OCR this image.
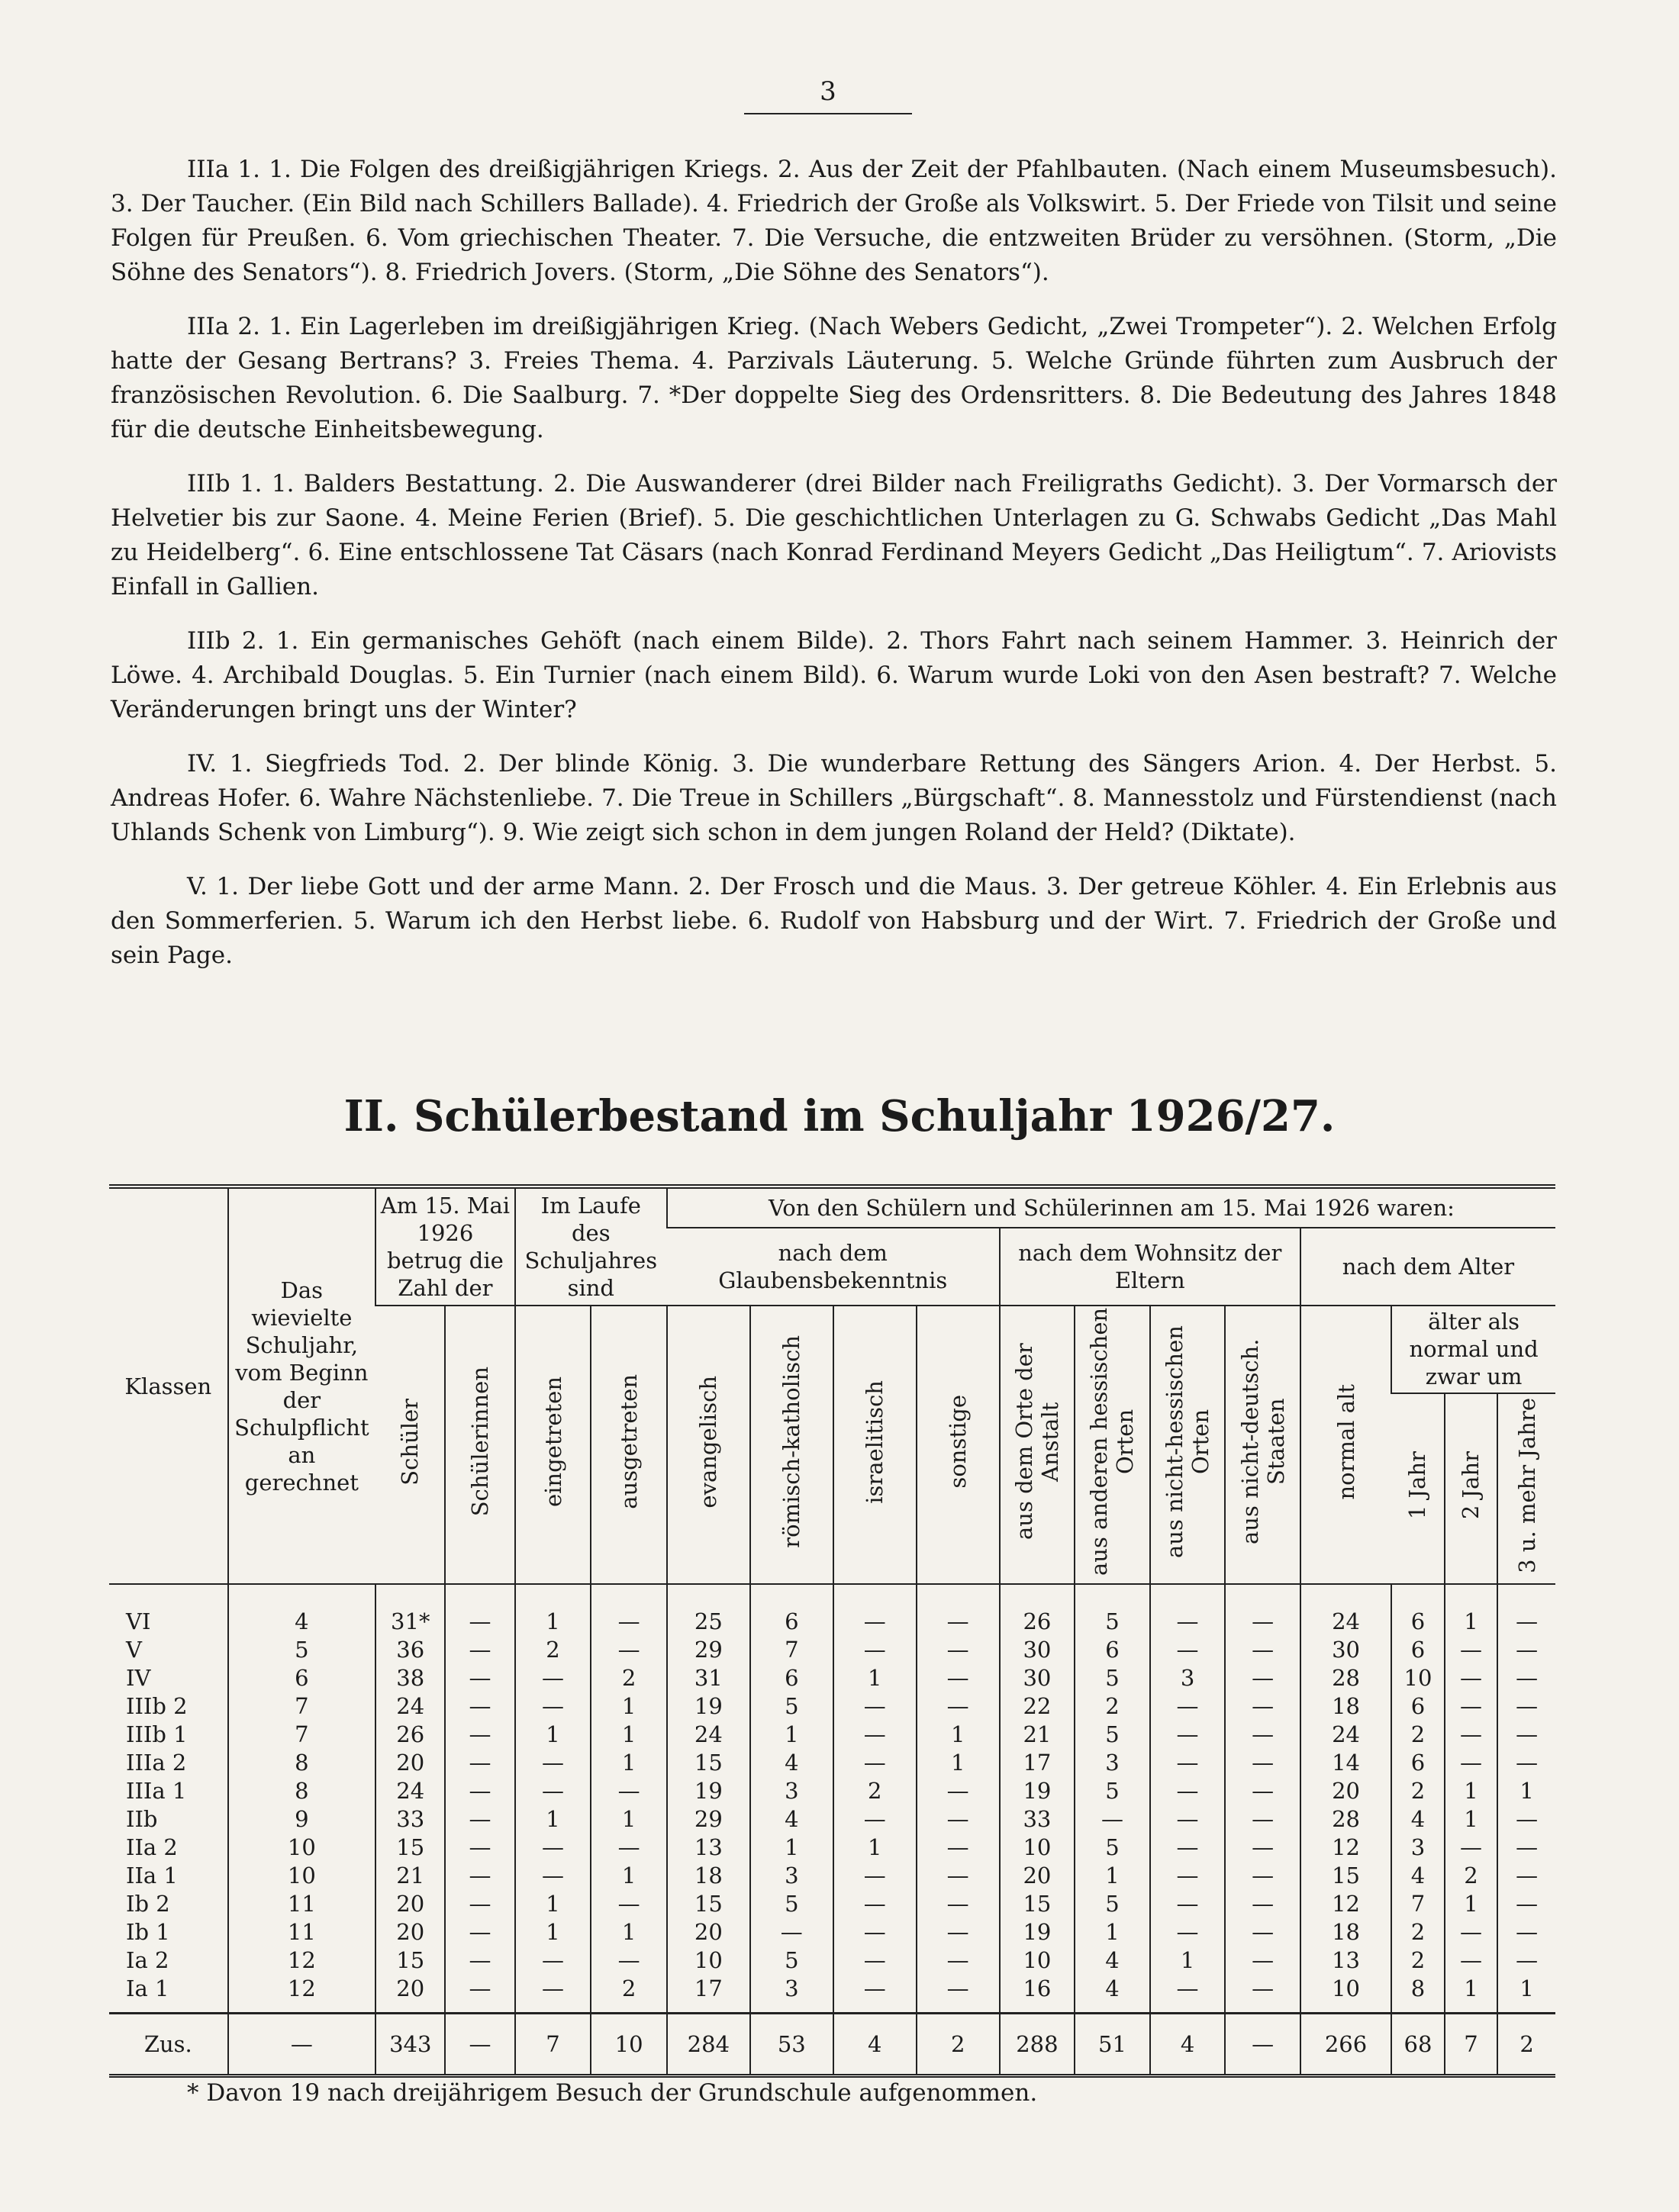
3

IIIa 1. 1. Die Folgen des dreißigjährigen Kriegs. 2. Aus der Zeit der Pfahlbauten. (Nach einem Museumsbesuch). 3. Der Taucher. (Ein Bild nach Schillers Ballade). 4. Friedrich der Große als Volkswirt. 5. Der Friede von Tilsit und seine Folgen für Preußen. 6. Vom griechischen Theater. 7. Die Versuche, die entzweiten Brüder zu versöhnen. (Storm, „Die Söhne des Senators“). 8. Friedrich Jovers. (Storm, „Die Söhne des Senators“).

IIIa 2. 1. Ein Lagerleben im dreißigjährigen Krieg. (Nach Webers Gedicht, „Zwei Trompeter“). 2. Welchen Erfolg hatte der Gesang Bertrans? 3. Freies Thema. 4. Parzivals Läuterung. 5. Welche Gründe führten zum Ausbruch der französischen Revolution. 6. Die Saalburg. 7. *Der doppelte Sieg des Ordensritters. 8. Die Bedeutung des Jahres 1848 für die deutsche Einheitsbewegung.

IIIb 1. 1. Balders Bestattung. 2. Die Auswanderer (drei Bilder nach Freiligraths Gedicht). 3. Der Vormarsch der Helvetier bis zur Saone. 4. Meine Ferien (Brief). 5. Die geschichtlichen Unterlagen zu G. Schwabs Gedicht „Das Mahl zu Heidelberg“. 6. Eine entschlossene Tat Cäsars (nach Konrad Ferdinand Meyers Gedicht „Das Heiligtum“. 7. Ariovists Einfall in Gallien.

IIIb 2. 1. Ein germanisches Gehöft (nach einem Bilde). 2. Thors Fahrt nach seinem Hammer. 3. Heinrich der Löwe. 4. Archibald Douglas. 5. Ein Turnier (nach einem Bild). 6. Warum wurde Loki von den Asen bestraft? 7. Welche Veränderungen bringt uns der Winter?

IV. 1. Siegfrieds Tod. 2. Der blinde König. 3. Die wunderbare Rettung des Sängers Arion. 4. Der Herbst. 5. Andreas Hofer. 6. Wahre Nächstenliebe. 7. Die Treue in Schillers „Bürgschaft“. 8. Mannesstolz und Fürstendienst (nach Uhlands Schenk von Limburg“). 9. Wie zeigt sich schon in dem jungen Roland der Held? (Diktate).

V. 1. Der liebe Gott und der arme Mann. 2. Der Frosch und die Maus. 3. Der getreue Köhler. 4. Ein Erlebnis aus den Sommerferien. 5. Warum ich den Herbst liebe. 6. Rudolf von Habsburg und der Wirt. 7. Friedrich der Große und sein Page.

II. Schülerbestand im Schuljahr 1926/27.
Klassen	Das wievielte Schuljahr, vom Beginn der Schulpflicht an gerechnet	Am 15. Mai 1926 betrug die Zahl der		Im Laufe des Schuljahres sind		Von den Schülern und Schülerinnen am 15. Mai 1926 waren:											
						nach dem Glaubensbekenntnis				nach dem Wohnsitz der Eltern				nach dem Alter			
		Schüler	Schülerinnen	eingetreten	ausgetreten	evangelisch	römisch-katholisch	israelitisch	sonstige	aus dem Orte der Anstalt	aus anderen hessischen Orten	aus nicht-hessischen Orten	aus nicht-deutsch. Staaten	normal alt	älter als normal und zwar um		
															1 Jahr	2 Jahr	3 u. mehr Jahre
VI	4	31*	—	1	—	25	6	—	—	26	5	—	—	24	6	1	—
V	5	36	—	2	—	29	7	—	—	30	6	—	—	30	6	—	—
IV	6	38	—	—	2	31	6	1	—	30	5	3	—	28	10	—	—
IIIb 2	7	24	—	—	1	19	5	—	—	22	2	—	—	18	6	—	—
IIIb 1	7	26	—	1	1	24	1	—	1	21	5	—	—	24	2	—	—
IIIa 2	8	20	—	—	1	15	4	—	1	17	3	—	—	14	6	—	—
IIIa 1	8	24	—	—	—	19	3	2	—	19	5	—	—	20	2	1	1
IIb	9	33	—	1	1	29	4	—	—	33	—	—	—	28	4	1	—
IIa 2	10	15	—	—	—	13	1	1	—	10	5	—	—	12	3	—	—
IIa 1	10	21	—	—	1	18	3	—	—	20	1	—	—	15	4	2	—
Ib 2	11	20	—	1	—	15	5	—	—	15	5	—	—	12	7	1	—
Ib 1	11	20	—	1	1	20	—	—	—	19	1	—	—	18	2	—	—
Ia 2	12	15	—	—	—	10	5	—	—	10	4	1	—	13	2	—	—
Ia 1	12	20	—	—	2	17	3	—	—	16	4	—	—	10	8	1	1
Zus.	—	343	—	7	10	284	53	4	2	288	51	4	—	266	68	7	2
* Davon 19 nach dreijährigem Besuch der Grundschule aufgenommen.
